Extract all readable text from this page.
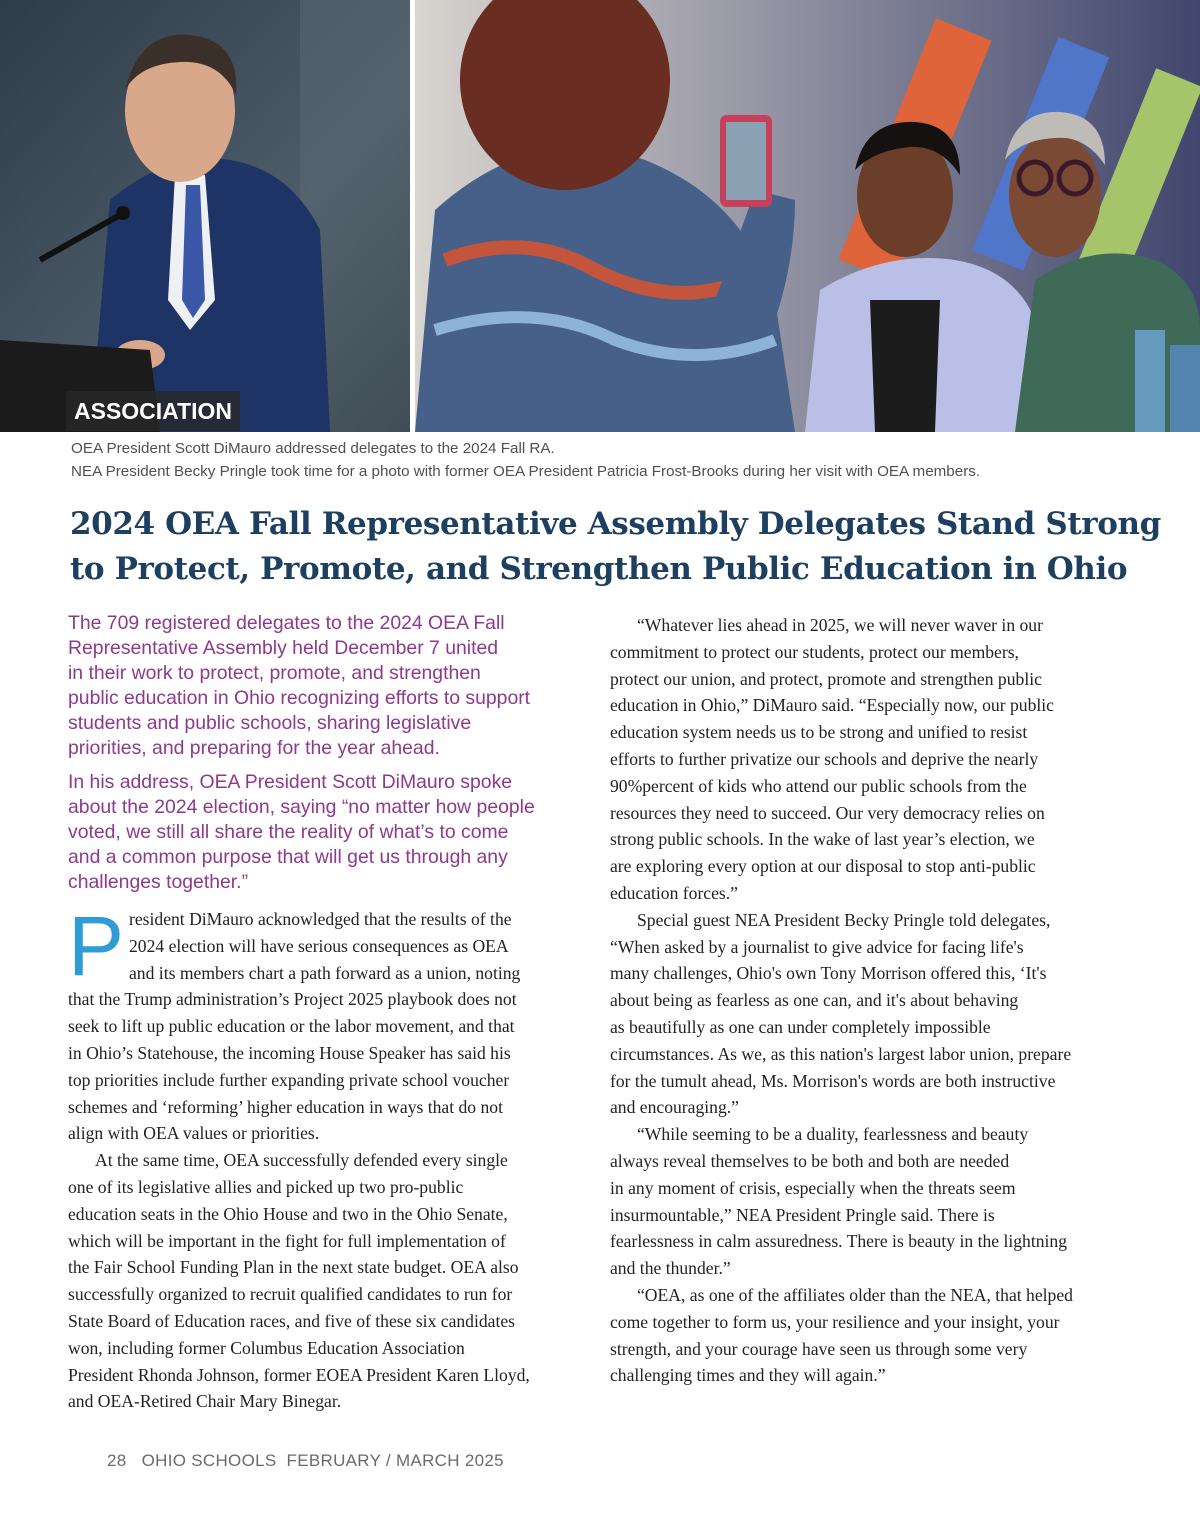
ASSOCIATION
OEA President Scott DiMauro addressed delegates to the 2024 Fall RA.
NEA President Becky Pringle took time for a photo with former OEA President Patricia Frost-Brooks during her visit with OEA members.
2024 OEA Fall Representative Assembly Delegates Stand Strong
to Protect, Promote, and Strengthen Public Education in Ohio
The 709 registered delegates to the 2024 OEA Fall
Representative Assembly held December 7 united
in their work to protect, promote, and strengthen
public education in Ohio recognizing efforts to support
students and public schools, sharing legislative
priorities, and preparing for the year ahead.
In his address, OEA President Scott DiMauro spoke
about the 2024 election, saying “no matter how people
voted, we still all share the reality of what’s to come
and a common purpose that will get us through any
challenges together.”
P resident DiMauro acknowledged that the results of the
2024 election will have serious consequences as OEA
and its members chart a path forward as a union, noting
that the Trump administration’s Project 2025 playbook does not
seek to lift up public education or the labor movement, and that
in Ohio’s Statehouse, the incoming House Speaker has said his
top priorities include further expanding private school voucher
schemes and ‘reforming’ higher education in ways that do not
align with OEA values or priorities.
At the same time, OEA successfully defended every single
one of its legislative allies and picked up two pro-public
education seats in the Ohio House and two in the Ohio Senate,
which will be important in the fight for full implementation of
the Fair School Funding Plan in the next state budget. OEA also
successfully organized to recruit qualified candidates to run for
State Board of Education races, and five of these six candidates
won, including former Columbus Education Association
President Rhonda Johnson, former EOEA President Karen Lloyd,
and OEA-Retired Chair Mary Binegar.
“Whatever lies ahead in 2025, we will never waver in our
commitment to protect our students, protect our members,
protect our union, and protect, promote and strengthen public
education in Ohio,” DiMauro said. “Especially now, our public
education system needs us to be strong and unified to resist
efforts to further privatize our schools and deprive the nearly
90%percent of kids who attend our public schools from the
resources they need to succeed. Our very democracy relies on
strong public schools. In the wake of last year’s election, we
are exploring every option at our disposal to stop anti-public
education forces.”
Special guest NEA President Becky Pringle told delegates,
“When asked by a journalist to give advice for facing life's
many challenges, Ohio's own Tony Morrison offered this, ‘It's
about being as fearless as one can, and it's about behaving
as beautifully as one can under completely impossible
circumstances. As we, as this nation's largest labor union, prepare
for the tumult ahead, Ms. Morrison's words are both instructive
and encouraging.”
“While seeming to be a duality, fearlessness and beauty
always reveal themselves to be both and both are needed
in any moment of crisis, especially when the threats seem
insurmountable,” NEA President Pringle said. There is
fearlessness in calm assuredness. There is beauty in the lightning
and the thunder.”
“OEA, as one of the affiliates older than the NEA, that helped
come together to form us, your resilience and your insight, your
strength, and your courage have seen us through some very
challenging times and they will again.”
28 OHIO SCHOOLS  FEBRUARY / MARCH 2025
